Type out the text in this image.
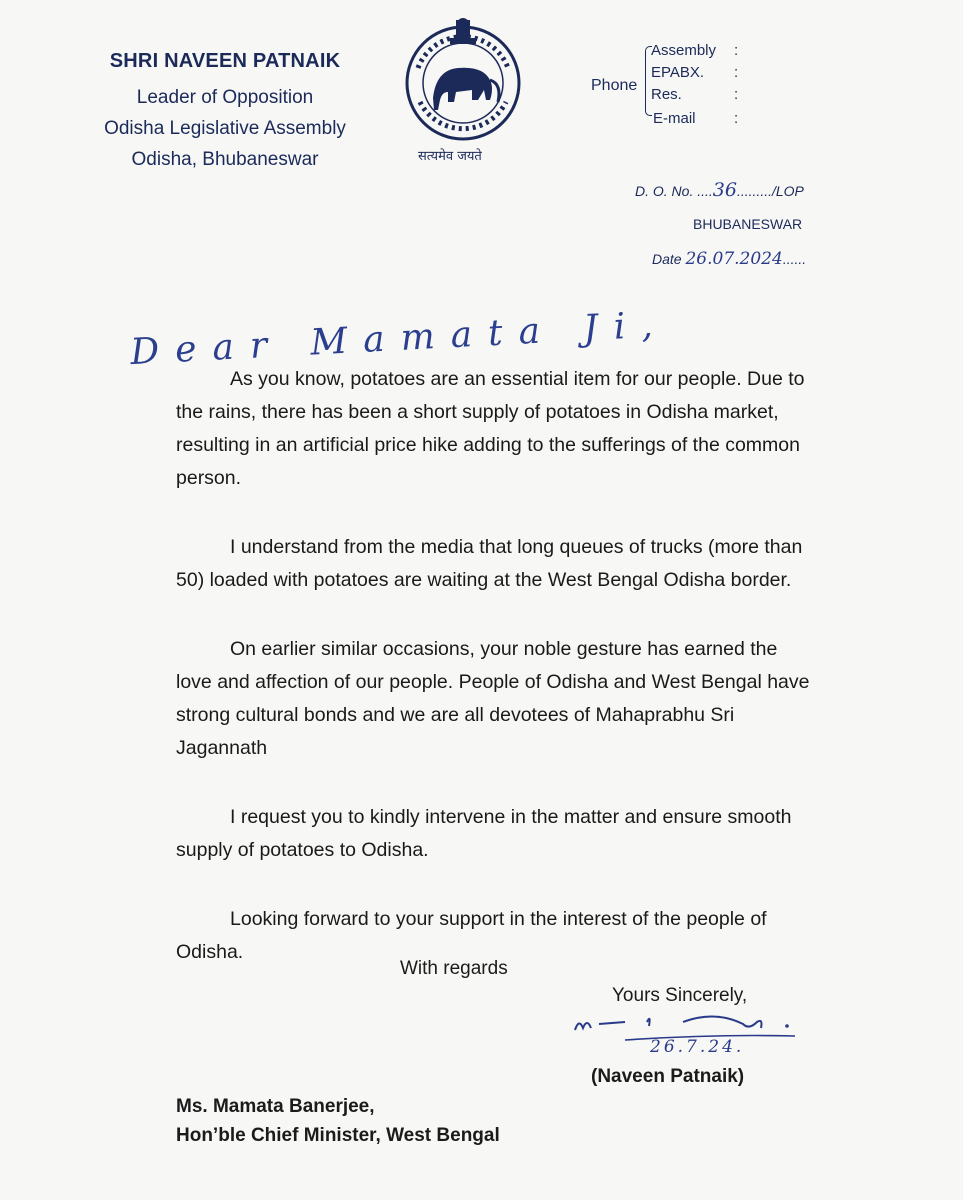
SHRI NAVEEN PATNAIK
Leader of Opposition
Odisha Legislative Assembly
Odisha, Bhubaneswar	सत्यमेव जयते
Phone
Assembly :
EPABX. :
Res.	:
E-mail	:
D. O. No. ....36........./LOP
BHUBANESWAR
Date 26.07.2024......
Dear Mamata Ji,

As you know, potatoes are an essential item for our people. Due to the rains, there has been a short supply of potatoes in Odisha market, resulting in an artificial price hike adding to the sufferings of the common person.

I understand from the media that long queues of trucks (more than 50) loaded with potatoes are waiting at the West Bengal Odisha border.

On earlier similar occasions, your noble gesture has earned the love and affection of our people. People of Odisha and West Bengal have strong cultural bonds and we are all devotees of Mahaprabhu Sri Jagannath

I request you to kindly intervene in the matter and ensure smooth supply of potatoes to Odisha.

Looking forward to your support in the interest of the people of Odisha.

With regards
Yours Sincerely,
26.7.24.
(Naveen Patnaik)
Ms. Mamata Banerjee,
Hon’ble Chief Minister, West Bengal
